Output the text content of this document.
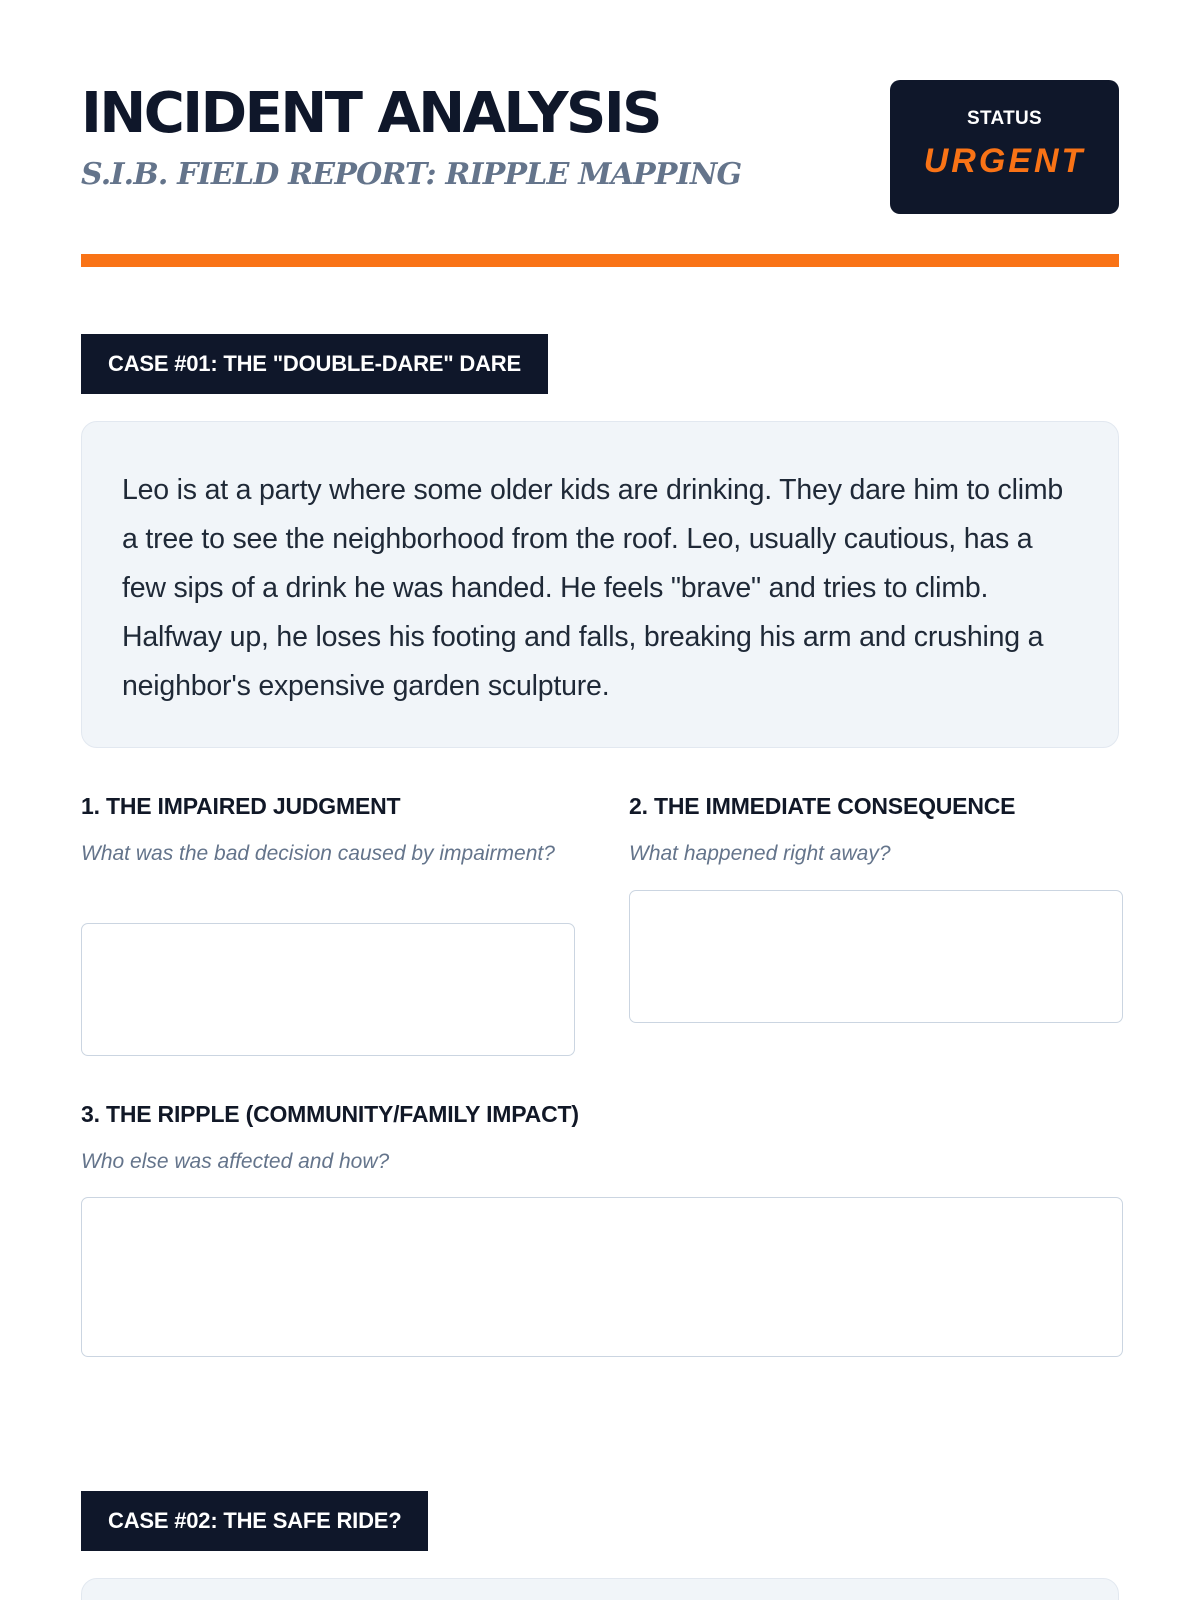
INCIDENT ANALYSIS
S.I.B. FIELD REPORT: RIPPLE MAPPING
STATUS
URGENT
CASE #01: THE "DOUBLE-DARE" DARE

Leo is at a party where some older kids are drinking. They dare him to climb a tree to see the neighborhood from the roof. Leo, usually cautious, has a few sips of a drink he was handed. He feels "brave" and tries to climb. Halfway up, he loses his footing and falls, breaking his arm and crushing a neighbor's expensive garden sculpture.

1. THE IMPAIRED JUDGMENT
What was the bad decision caused by impairment?
2. THE IMMEDIATE CONSEQUENCE
What happened right away?
3. THE RIPPLE (COMMUNITY/FAMILY IMPACT)
Who else was affected and how?
CASE #02: THE SAFE RIDE?
